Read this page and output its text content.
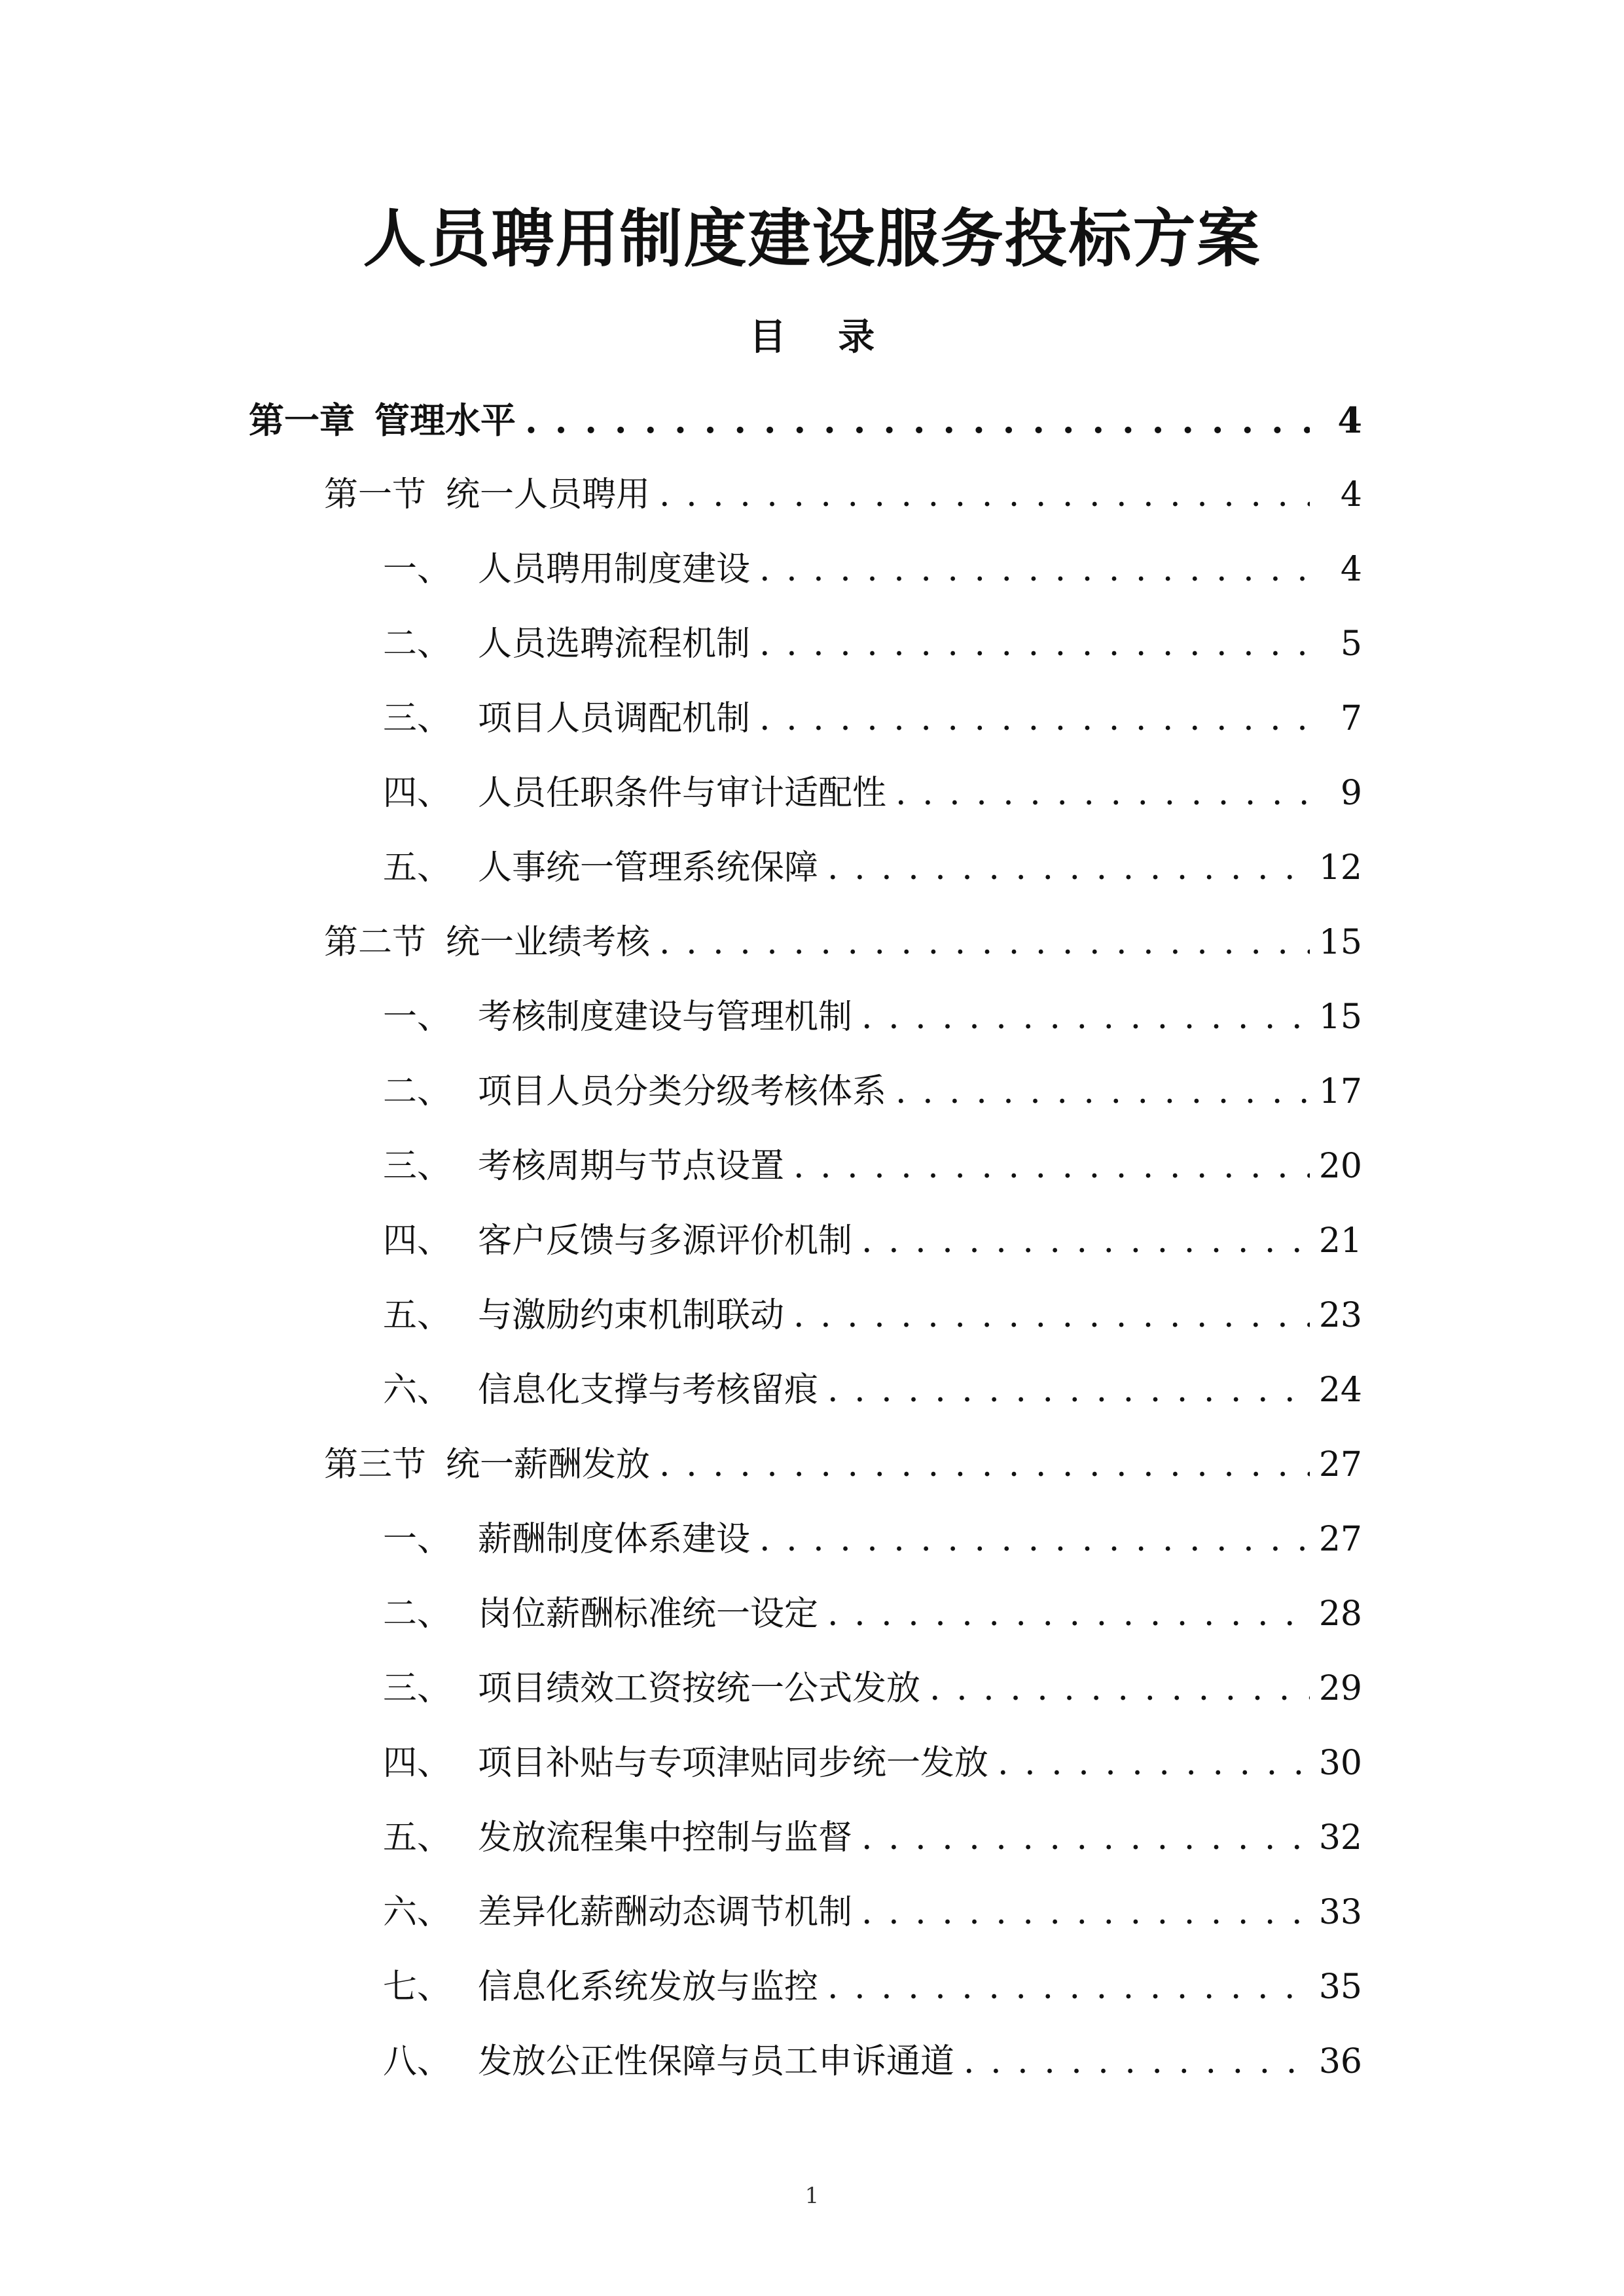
人员聘用制度建设服务投标方案
目 录
第一章 管理水平 . . .	4
第一节 统一人员聘用 . . .	4
一、 人员聘用制度建设 . . .	4
二、 人员选聘流程机制 . . .	5
三、 项目人员调配机制 . . .	7
四、 人员任职条件与审计适配性 . . .	9
五、 人事统一管理系统保障 . . .	12
第二节 统一业绩考核 . . .	15
一、 考核制度建设与管理机制 . . .	15
二、 项目人员分类分级考核体系 . . .	17
三、 考核周期与节点设置 . . .	20
四、 客户反馈与多源评价机制 . . .	21
五、 与激励约束机制联动 . . .	23
六、 信息化支撑与考核留痕 . . .	24
第三节 统一薪酬发放 . . .	27
一、 薪酬制度体系建设 . . .	27
二、 岗位薪酬标准统一设定 . . .	28
三、 项目绩效工资按统一公式发放 . . .	29
四、 项目补贴与专项津贴同步统一发放 . . .	30
五、 发放流程集中控制与监督 . . .	32
六、 差异化薪酬动态调节机制 . . .	33
七、 信息化系统发放与监控 . . .	35
八、 发放公正性保障与员工申诉通道 . . .	36
1
